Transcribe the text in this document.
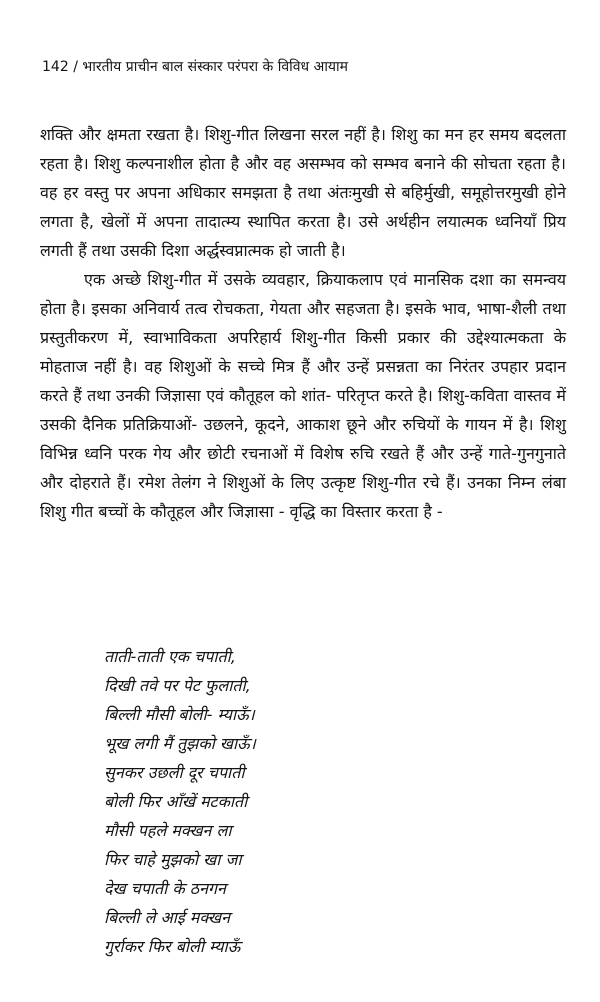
142 / भारतीय प्राचीन बाल संस्कार परंपरा के विविध आयाम

शक्ति और क्षमता रखता है। शिशु-गीत लिखना सरल नहीं है। शिशु का मन हर समय बदलता रहता है। शिशु कल्पनाशील होता है और वह असम्भव को सम्भव बनाने की सोचता रहता है। वह हर वस्तु पर अपना अधिकार समझता है तथा अंतःमुखी से बहिर्मुखी, समूहोत्तरमुखी होने लगता है, खेलों में अपना तादात्म्य स्थापित करता है। उसे अर्थहीन लयात्मक ध्वनियाँ प्रिय लगती हैं तथा उसकी दिशा अर्द्धस्वप्नात्मक हो जाती है।

एक अच्छे शिशु-गीत में उसके व्यवहार, क्रियाकलाप एवं मानसिक दशा का समन्वय होता है। इसका अनिवार्य तत्व रोचकता, गेयता और सहजता है। इसके भाव, भाषा-शैली तथा प्रस्तुतीकरण में, स्वाभाविकता अपरिहार्य शिशु-गीत किसी प्रकार की उद्देश्यात्मकता के मोहताज नहीं है। वह शिशुओं के सच्चे मित्र हैं और उन्हें प्रसन्नता का निरंतर उपहार प्रदान करते हैं तथा उनकी जिज्ञासा एवं कौतूहल को शांत- परितृप्त करते है। शिशु-कविता वास्तव में उसकी दैनिक प्रतिक्रियाओं- उछलने, कूदने, आकाश छूने और रुचियों के गायन में है। शिशु विभिन्न ध्वनि परक गेय और छोटी रचनाओं में विशेष रुचि रखते हैं और उन्हें गाते-गुनगुनाते और दोहराते हैं। रमेश तेलंग ने शिशुओं के लिए उत्कृष्ट शिशु-गीत रचे हैं। उनका निम्न लंबा शिशु गीत बच्चों के कौतूहल और जिज्ञासा - वृद्धि का विस्तार करता है -

ताती-ताती एक चपाती,
दिखी तवे पर पेट फुलाती,
बिल्ली मौसी बोली- म्याऊँ।
भूख लगी मैं तुझको खाऊँ।
सुनकर उछली दूर चपाती
बोली फिर आँखें मटकाती
मौसी पहले मक्खन ला
फिर चाहे मुझको खा जा
देख चपाती के ठनगन
बिल्ली ले आई मक्खन
गुर्राकर फिर बोली म्याऊँ
